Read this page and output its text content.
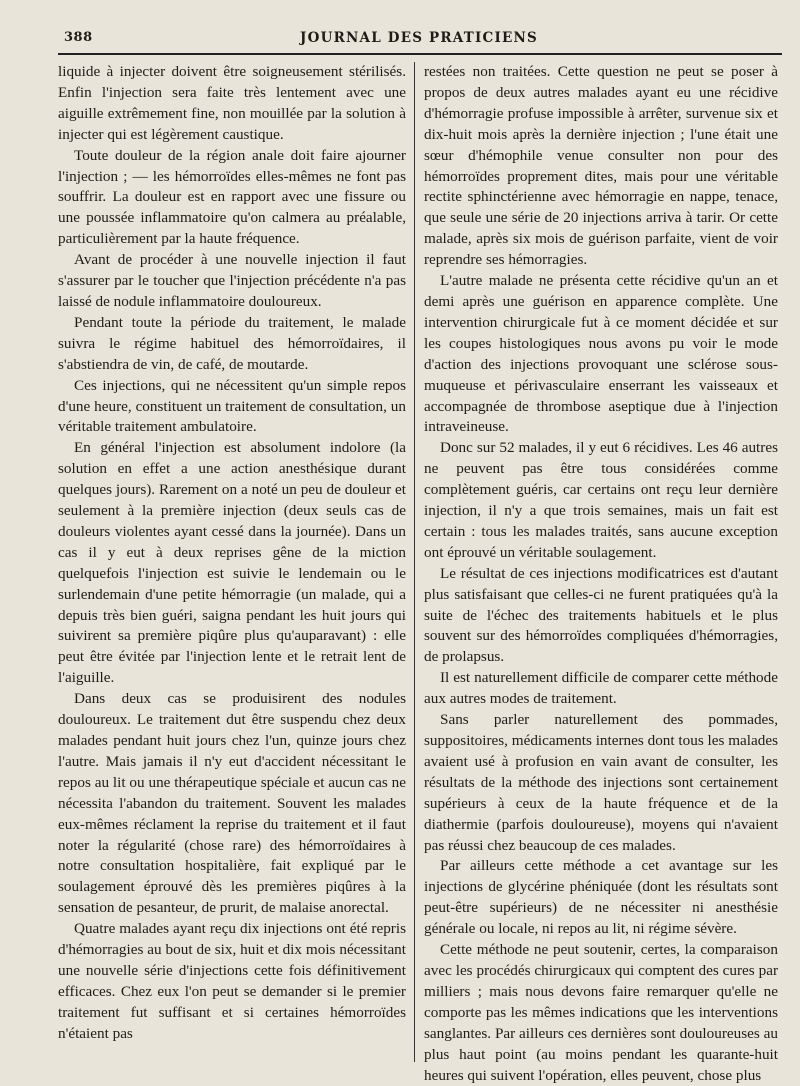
388	JOURNAL DES PRATICIENS

liquide à injecter doivent être soigneusement stérilisés. Enfin l'injection sera faite très lentement avec une aiguille extrêmement fine, non mouillée par la solution à injecter qui est légèrement caustique.

Toute douleur de la région anale doit faire ajourner l'injection ; — les hémorroïdes elles-mêmes ne font pas souffrir. La douleur est en rapport avec une fissure ou une poussée inflammatoire qu'on calmera au préalable, particulièrement par la haute fréquence.

Avant de procéder à une nouvelle injection il faut s'assurer par le toucher que l'injection précédente n'a pas laissé de nodule inflammatoire douloureux.

Pendant toute la période du traitement, le malade suivra le régime habituel des hémorroïdaires, il s'abstiendra de vin, de café, de moutarde.

Ces injections, qui ne nécessitent qu'un simple repos d'une heure, constituent un traitement de consultation, un véritable traitement ambulatoire.

En général l'injection est absolument indolore (la solution en effet a une action anesthésique durant quelques jours). Rarement on a noté un peu de douleur et seulement à la première injection (deux seuls cas de douleurs violentes ayant cessé dans la journée). Dans un cas il y eut à deux reprises gêne de la miction quelquefois l'injection est suivie le lendemain ou le surlendemain d'une petite hémorragie (un malade, qui a depuis très bien guéri, saigna pendant les huit jours qui suivirent sa première piqûre plus qu'auparavant) : elle peut être évitée par l'injection lente et le retrait lent de l'aiguille.

Dans deux cas se produisirent des nodules douloureux. Le traitement dut être suspendu chez deux malades pendant huit jours chez l'un, quinze jours chez l'autre. Mais jamais il n'y eut d'accident nécessitant le repos au lit ou une thérapeutique spéciale et aucun cas ne nécessita l'abandon du traitement. Souvent les malades eux-mêmes réclament la reprise du traitement et il faut noter la régularité (chose rare) des hémorroïdaires à notre consultation hospitalière, fait expliqué par le soulagement éprouvé dès les premières piqûres à la sensation de pesanteur, de prurit, de malaise anorectal.

Quatre malades ayant reçu dix injections ont été repris d'hémorragies au bout de six, huit et dix mois nécessitant une nouvelle série d'injections cette fois définitivement efficaces. Chez eux l'on peut se demander si le premier traitement fut suffisant et si certaines hémorroïdes n'étaient pas

restées non traitées. Cette question ne peut se poser à propos de deux autres malades ayant eu une récidive d'hémorragie profuse impossible à arrêter, survenue six et dix-huit mois après la dernière injection ; l'une était une sœur d'hémophile venue consulter non pour des hémorroïdes proprement dites, mais pour une véritable rectite sphinctérienne avec hémorragie en nappe, tenace, que seule une série de 20 injections arriva à tarir. Or cette malade, après six mois de guérison parfaite, vient de voir reprendre ses hémorragies.

L'autre malade ne présenta cette récidive qu'un an et demi après une guérison en apparence complète. Une intervention chirurgicale fut à ce moment décidée et sur les coupes histologiques nous avons pu voir le mode d'action des injections provoquant une sclérose sous-muqueuse et périvasculaire enserrant les vaisseaux et accompagnée de thrombose aseptique due à l'injection intraveineuse.

Donc sur 52 malades, il y eut 6 récidives. Les 46 autres ne peuvent pas être tous considérées comme complètement guéris, car certains ont reçu leur dernière injection, il n'y a que trois semaines, mais un fait est certain : tous les malades traités, sans aucune exception ont éprouvé un véritable soulagement.

Le résultat de ces injections modificatrices est d'autant plus satisfaisant que celles-ci ne furent pratiquées qu'à la suite de l'échec des traitements habituels et le plus souvent sur des hémorroïdes compliquées d'hémorragies, de prolapsus.

Il est naturellement difficile de comparer cette méthode aux autres modes de traitement.

Sans parler naturellement des pommades, suppositoires, médicaments internes dont tous les malades avaient usé à profusion en vain avant de consulter, les résultats de la méthode des injections sont certainement supérieurs à ceux de la haute fréquence et de la diathermie (parfois douloureuse), moyens qui n'avaient pas réussi chez beaucoup de ces malades.

Par ailleurs cette méthode a cet avantage sur les injections de glycérine phéniquée (dont les résultats sont peut-être supérieurs) de ne nécessiter ni anesthésie générale ou locale, ni repos au lit, ni régime sévère.

Cette méthode ne peut soutenir, certes, la comparaison avec les procédés chirurgicaux qui comptent des cures par milliers ; mais nous devons faire remarquer qu'elle ne comporte pas les mêmes indications que les interventions sanglantes. Par ailleurs ces dernières sont douloureuses au plus haut point (au moins pendant les quarante-huit heures qui suivent l'opération, elles peuvent, chose plus
